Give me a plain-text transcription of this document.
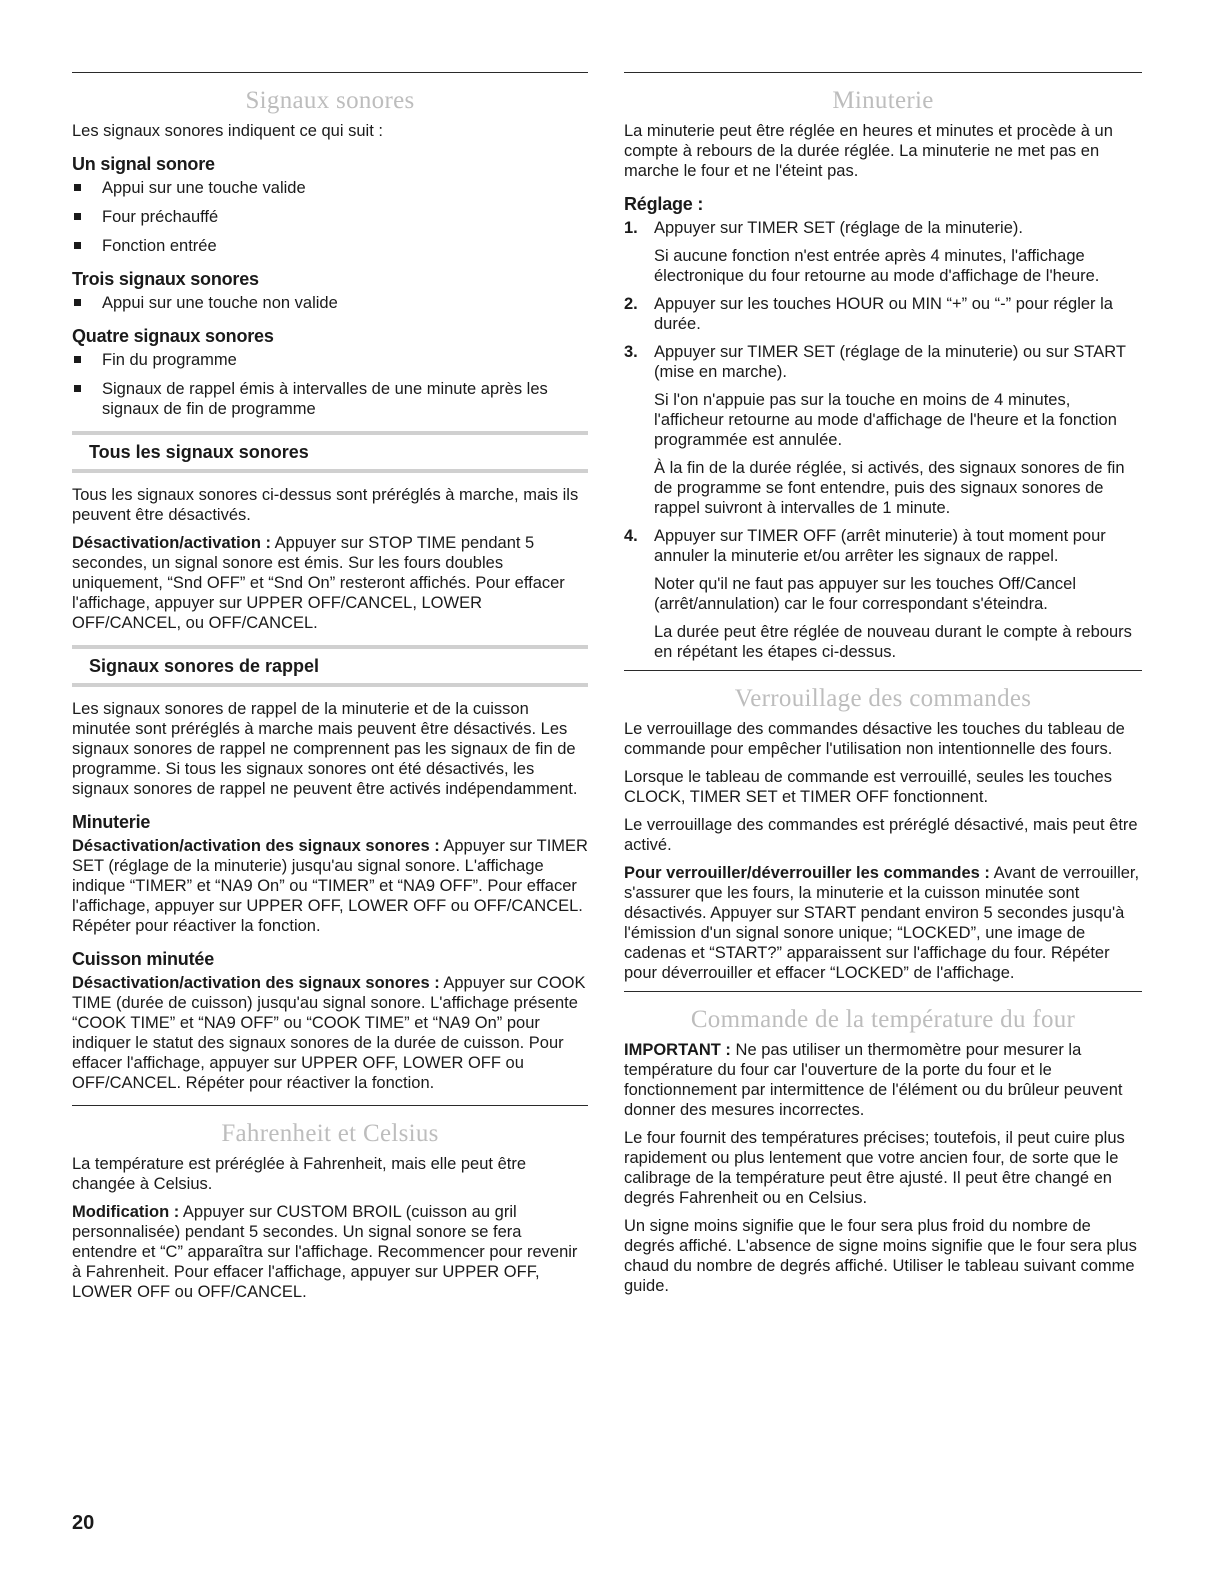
Signaux sonores

Les signaux sonores indiquent ce qui suit :

Un signal sonore
Appui sur une touche valide
Four préchauffé
Fonction entrée
Trois signaux sonores
Appui sur une touche non valide
Quatre signaux sonores
Fin du programme
Signaux de rappel émis à intervalles de une minute après les signaux de fin de programme
Tous les signaux sonores

Tous les signaux sonores ci-dessus sont préréglés à marche, mais ils peuvent être désactivés.

Désactivation/activation : Appuyer sur STOP TIME pendant 5 secondes, un signal sonore est émis. Sur les fours doubles uniquement, “Snd OFF” et “Snd On” resteront affichés. Pour effacer l'affichage, appuyer sur UPPER OFF/CANCEL, LOWER OFF/CANCEL, ou OFF/CANCEL.

Signaux sonores de rappel

Les signaux sonores de rappel de la minuterie et de la cuisson minutée sont préréglés à marche mais peuvent être désactivés. Les signaux sonores de rappel ne comprennent pas les signaux de fin de programme. Si tous les signaux sonores ont été désactivés, les signaux sonores de rappel ne peuvent être activés indépendamment.

Minuterie

Désactivation/activation des signaux sonores : Appuyer sur TIMER SET (réglage de la minuterie) jusqu'au signal sonore. L'affichage indique “TIMER” et “NA9 On” ou “TIMER” et “NA9 OFF”. Pour effacer l'affichage, appuyer sur UPPER OFF, LOWER OFF ou OFF/CANCEL. Répéter pour réactiver la fonction.

Cuisson minutée

Désactivation/activation des signaux sonores : Appuyer sur COOK TIME (durée de cuisson) jusqu'au signal sonore. L'affichage présente “COOK TIME” et “NA9 OFF” ou “COOK TIME” et “NA9 On” pour indiquer le statut des signaux sonores de la durée de cuisson. Pour effacer l'affichage, appuyer sur UPPER OFF, LOWER OFF ou OFF/CANCEL. Répéter pour réactiver la fonction.

Fahrenheit et Celsius

La température est préréglée à Fahrenheit, mais elle peut être changée à Celsius.

Modification : Appuyer sur CUSTOM BROIL (cuisson au gril personnalisée) pendant 5 secondes. Un signal sonore se fera entendre et “C” apparaîtra sur l'affichage. Recommencer pour revenir à Fahrenheit. Pour effacer l'affichage, appuyer sur UPPER OFF, LOWER OFF ou OFF/CANCEL.

Minuterie

La minuterie peut être réglée en heures et minutes et procède à un compte à rebours de la durée réglée. La minuterie ne met pas en marche le four et ne l'éteint pas.

Réglage :
1. Appuyer sur TIMER SET (réglage de la minuterie).

Si aucune fonction n'est entrée après 4 minutes, l'affichage électronique du four retourne au mode d'affichage de l'heure.

2. Appuyer sur les touches HOUR ou MIN “+” ou “-” pour régler la durée.

3. Appuyer sur TIMER SET (réglage de la minuterie) ou sur START (mise en marche).

Si l'on n'appuie pas sur la touche en moins de 4 minutes, l'afficheur retourne au mode d'affichage de l'heure et la fonction programmée est annulée.

À la fin de la durée réglée, si activés, des signaux sonores de fin de programme se font entendre, puis des signaux sonores de rappel suivront à intervalles de 1 minute.

4. Appuyer sur TIMER OFF (arrêt minuterie) à tout moment pour annuler la minuterie et/ou arrêter les signaux de rappel.

Noter qu'il ne faut pas appuyer sur les touches Off/Cancel (arrêt/annulation) car le four correspondant s'éteindra.

La durée peut être réglée de nouveau durant le compte à rebours en répétant les étapes ci-dessus.

Verrouillage des commandes

Le verrouillage des commandes désactive les touches du tableau de commande pour empêcher l'utilisation non intentionnelle des fours.

Lorsque le tableau de commande est verrouillé, seules les touches CLOCK, TIMER SET et TIMER OFF fonctionnent.

Le verrouillage des commandes est préréglé désactivé, mais peut être activé.

Pour verrouiller/déverrouiller les commandes : Avant de verrouiller, s'assurer que les fours, la minuterie et la cuisson minutée sont désactivés. Appuyer sur START pendant environ 5 secondes jusqu'à l'émission d'un signal sonore unique; “LOCKED”, une image de cadenas et “START?” apparaissent sur l'affichage du four. Répéter pour déverrouiller et effacer “LOCKED” de l'affichage.

Commande de la température du four

IMPORTANT : Ne pas utiliser un thermomètre pour mesurer la température du four car l'ouverture de la porte du four et le fonctionnement par intermittence de l'élément ou du brûleur peuvent donner des mesures incorrectes.

Le four fournit des températures précises; toutefois, il peut cuire plus rapidement ou plus lentement que votre ancien four, de sorte que le calibrage de la température peut être ajusté. Il peut être changé en degrés Fahrenheit ou en Celsius.

Un signe moins signifie que le four sera plus froid du nombre de degrés affiché. L'absence de signe moins signifie que le four sera plus chaud du nombre de degrés affiché. Utiliser le tableau suivant comme guide.

20
